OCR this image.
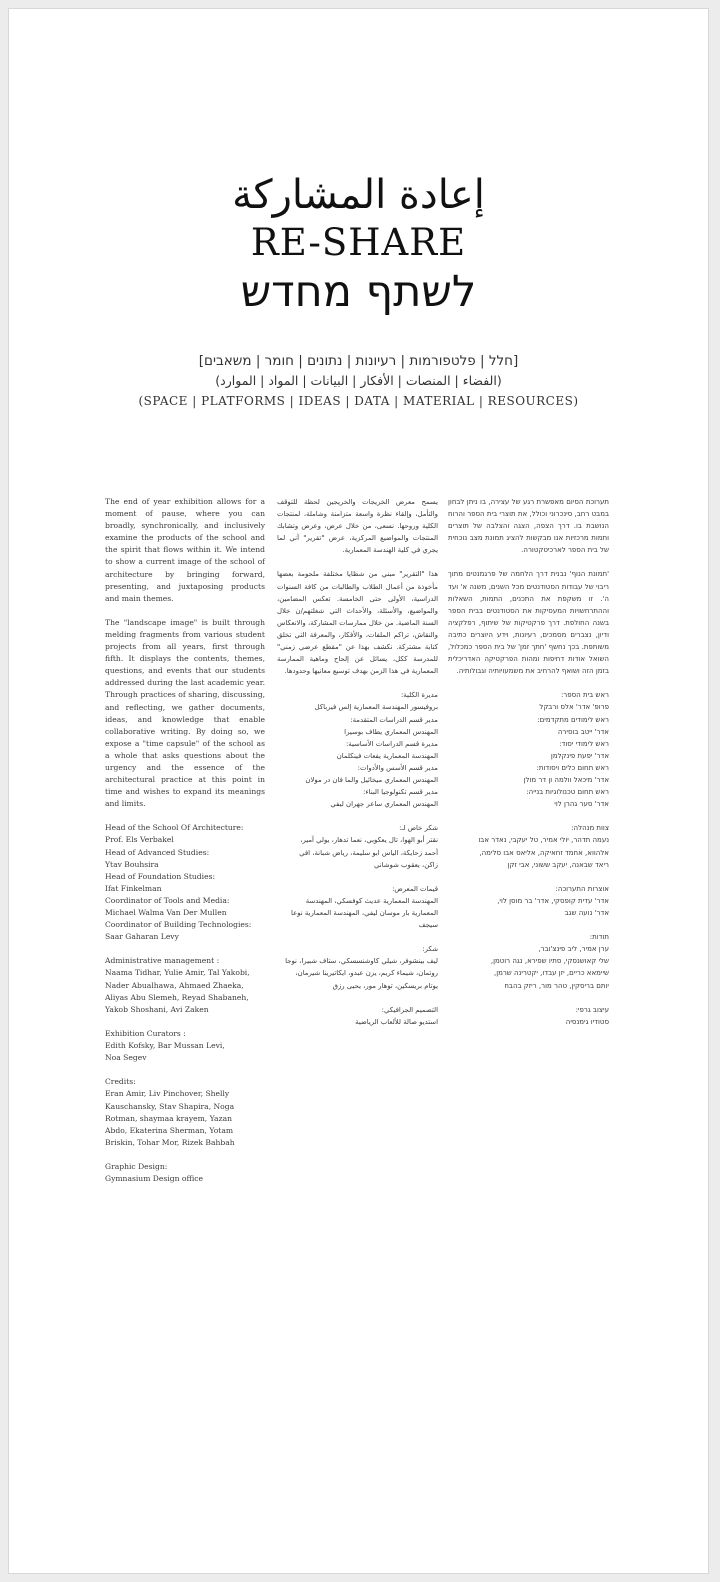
إعادة المشاركة
RE-SHARE
לשתף מחדש
[חלל | פלטפורמות | רעיונות | נתונים | חומר | משאבים]
(الفضاء | المنصات | الأفكار | البيانات | المواد | الموارد)
(SPACE | PLATFORMS | IDEAS | DATA | MATERIAL | RESOURCES)

The end of year exhibition allows for a moment of pause, where you can broadly, synchronically, and inclusively examine the products of the school and the spirit that flows within it. We intend to show a current image of the school of architecture by bringing forward, presenting, and juxtaposing products and main themes.

The "landscape image" is built through melding fragments from various student projects from all years, first through fifth. It displays the contents, themes, questions, and events that our students addressed during the last academic year. Through practices of sharing, discussing, and reflecting, we gather documents, ideas, and knowledge that enable collaborative writing. By doing so, we expose a "time capsule" of the school as a whole that asks questions about the urgency and the essence of the architectural practice at this point in time and wishes to expand its meanings and limits.

Head of the School Of Architecture:
Prof. Els Verbakel
Head of Advanced Studies:
Ytav Bouhsira
Head of Foundation Studies:
Ifat Finkelman
Coordinator of Tools and Media:
Michael Walma Van Der Mullen
Coordinator of Building Technologies:
Saar Gaharan Levy
Administrative management :
Naama Tidhar, Yulie Amir, Tal Yakobi,
Nader Abualhawa, Ahmaed Zhaeka,
Aliyas Abu Slemeh, Reyad Shabaneh,
Yakob Shoshani, Avi Zaken
Exhibition Curators :
Edith Kofsky, Bar Mussan Levi,
Noa Segev
Credits:
Eran Amir, Liv Pinchover, Shelly
Kauschansky, Stav Shapira, Noga
Rotman, shaymaa krayem, Yazan
Abdo, Ekaterina Sherman, Yotam
Briskin, Tohar Mor, Rizek Bahbah
Graphic Design:
Gymnasium Design office

يسمح معرض الخريجات والخريجين لحظة للتوقف والتأمل، وإلقاء نظرة واسعة متزامنة وشاملة، لمنتجات الكلية وروحها. نسعى، من خلال عرض، وعرض وتشابك المنتجات والمواضيع المركزية، عرض "تقرير" آني لما يجري في كلية الهندسة المعمارية.

هذا "التقرير" مبني من شظايا مختلفة ملحومة بعضها مأخوذة من أعمال الطلاب والطالبات من كافة السنوات الدراسية، الأولى حتى الخامسة. تعكس المضامين، والمواضيع، والأسئلة، والأحداث التي شغلتهم/ن خلال السنة الماضية. من خلال ممارسات المشاركة، والانعكاس والنقاش، تراكم الملفات، والأفكار، والمعرفة التي تخلق كتابة مشتركة. نكشف بهذا عن "مقطع عرضي زمني" للمدرسة ككل، يسائل عن إلحاح وماهية الممارسة المعمارية في هذا الزمن بهدف توسيع معانيها وحدودها.

مديرة الكلية:
بروفيسور المهندسة المعمارية إلس فيرباكل
مدير قسم الدراسات المتقدمة:
المهندس المعماري يطاف بوسيرا
مديرة قسم الدراسات الأساسية:
المهندسة المعمارية يفعات فينكلمان
مدير قسم الأسس والأدوات:
المهندس المعماري ميخائيل والما فان در مولان
مدير قسم تكنولوجيا البناء:
المهندس المعماري ساعر جهران ليفي
شكر خاص لـ:
نقتر أبو الهوا، تال يعكوبي، نعما تدهار، يولي آمير،
أحمد زحايكة، الياس ابو سليمة، رياض شبانة، افي
زاكن، يعقوب شوشاني
قيمات المعرض:
المهندسة المعمارية عديث كوفسكي، المهندسة
المعمارية بار موسان ليفي، المهندسة المعمارية نوعا
سيجف
شكر:
ليف بينشوفر، شيلي كاوشنسسكي، ستاف شبيرا، نوجا
روتمان، شيماء كريم، يزن عبدو، ايكاتيرينا شيرمان،
يوتام بريسكين، توهار مور، يحيى رزق
التصميم الجرافيكي:
استديو صالة للألعاب الرياضية

תערוכת הסיום מאפשרת רגע של עצירה, בו ניתן לבחון במבט רחב, סינכרוני וכולל, את תוצרי בית הספר והרוח הנושבת בו. דרך הצפה, הצגה והצלבה של תוצרים ותמות מרכזיות אנו מבקשות להציג תמונת מצב נוכחית של בית הספר לארכיטקטורה.

'תמונת הנוף' נבנית דרך הלחמה של פרגמנטים מתוך ריבוי של עבודות הסטודנטים מכל השנים, משנה א' ועד ה'. זו משקפת את התכנים, התמות, השאלות וההתרחשויות המעסיקות את הסטודנטים בבית הספר בשנה החולפת. דרך פרקטיקות של שיתוף, רפלקציה ודיון, נצברים מסמכים, רעיונות, וידע היוצרים כתיבה משותפת. בכך נחשף 'חתך זמן' של בית הספר כמכלול, השואל אודות דחיפות ומהות הפרקטיקה האדריכלית בזמן הזה ושואף להרחיב את משמעויותיה וגבולותיה.

ראש בית הספר:
פרופ' אדר' אלס ורבקל
ראש לימודים מתקדמים:
אדר' ייטב בוסירה
ראש לימודי יסוד:
אדר' יפעת פינקלמן
ראש תחום כלים ויסודות:
אדר' מיכאל וולמה ון דר מולן
ראש תחום טכנולוגיות בנייה:
אדר' סער גהרן לוי
צוות מנהלה:
נעמה תדהר, יולי אמיר, טל יעקבי, נאדר אבו
אלהווא, אחמד זחאיקה, אליאס אבו סלימה,
ריאד שבאנה, יעקב ששוני, אבי זקן
אוצרות התערוכה:
אדר' עדית קופסקי, אדר' בר מוסן לוי,
אדר' נועה שגב
תודות:
ערן אמיר, ליב פינצ'ובר,
שלי קאושנסקי, סתיו שפירא, נגה רוטמן,
שיימאא כריים, יזן עבדו, יקטרינה שרמן,
יותם בריסקין, טהר מור, ריזק בהבח
עיצוב גרפי:
סטודיו גימנסיה
